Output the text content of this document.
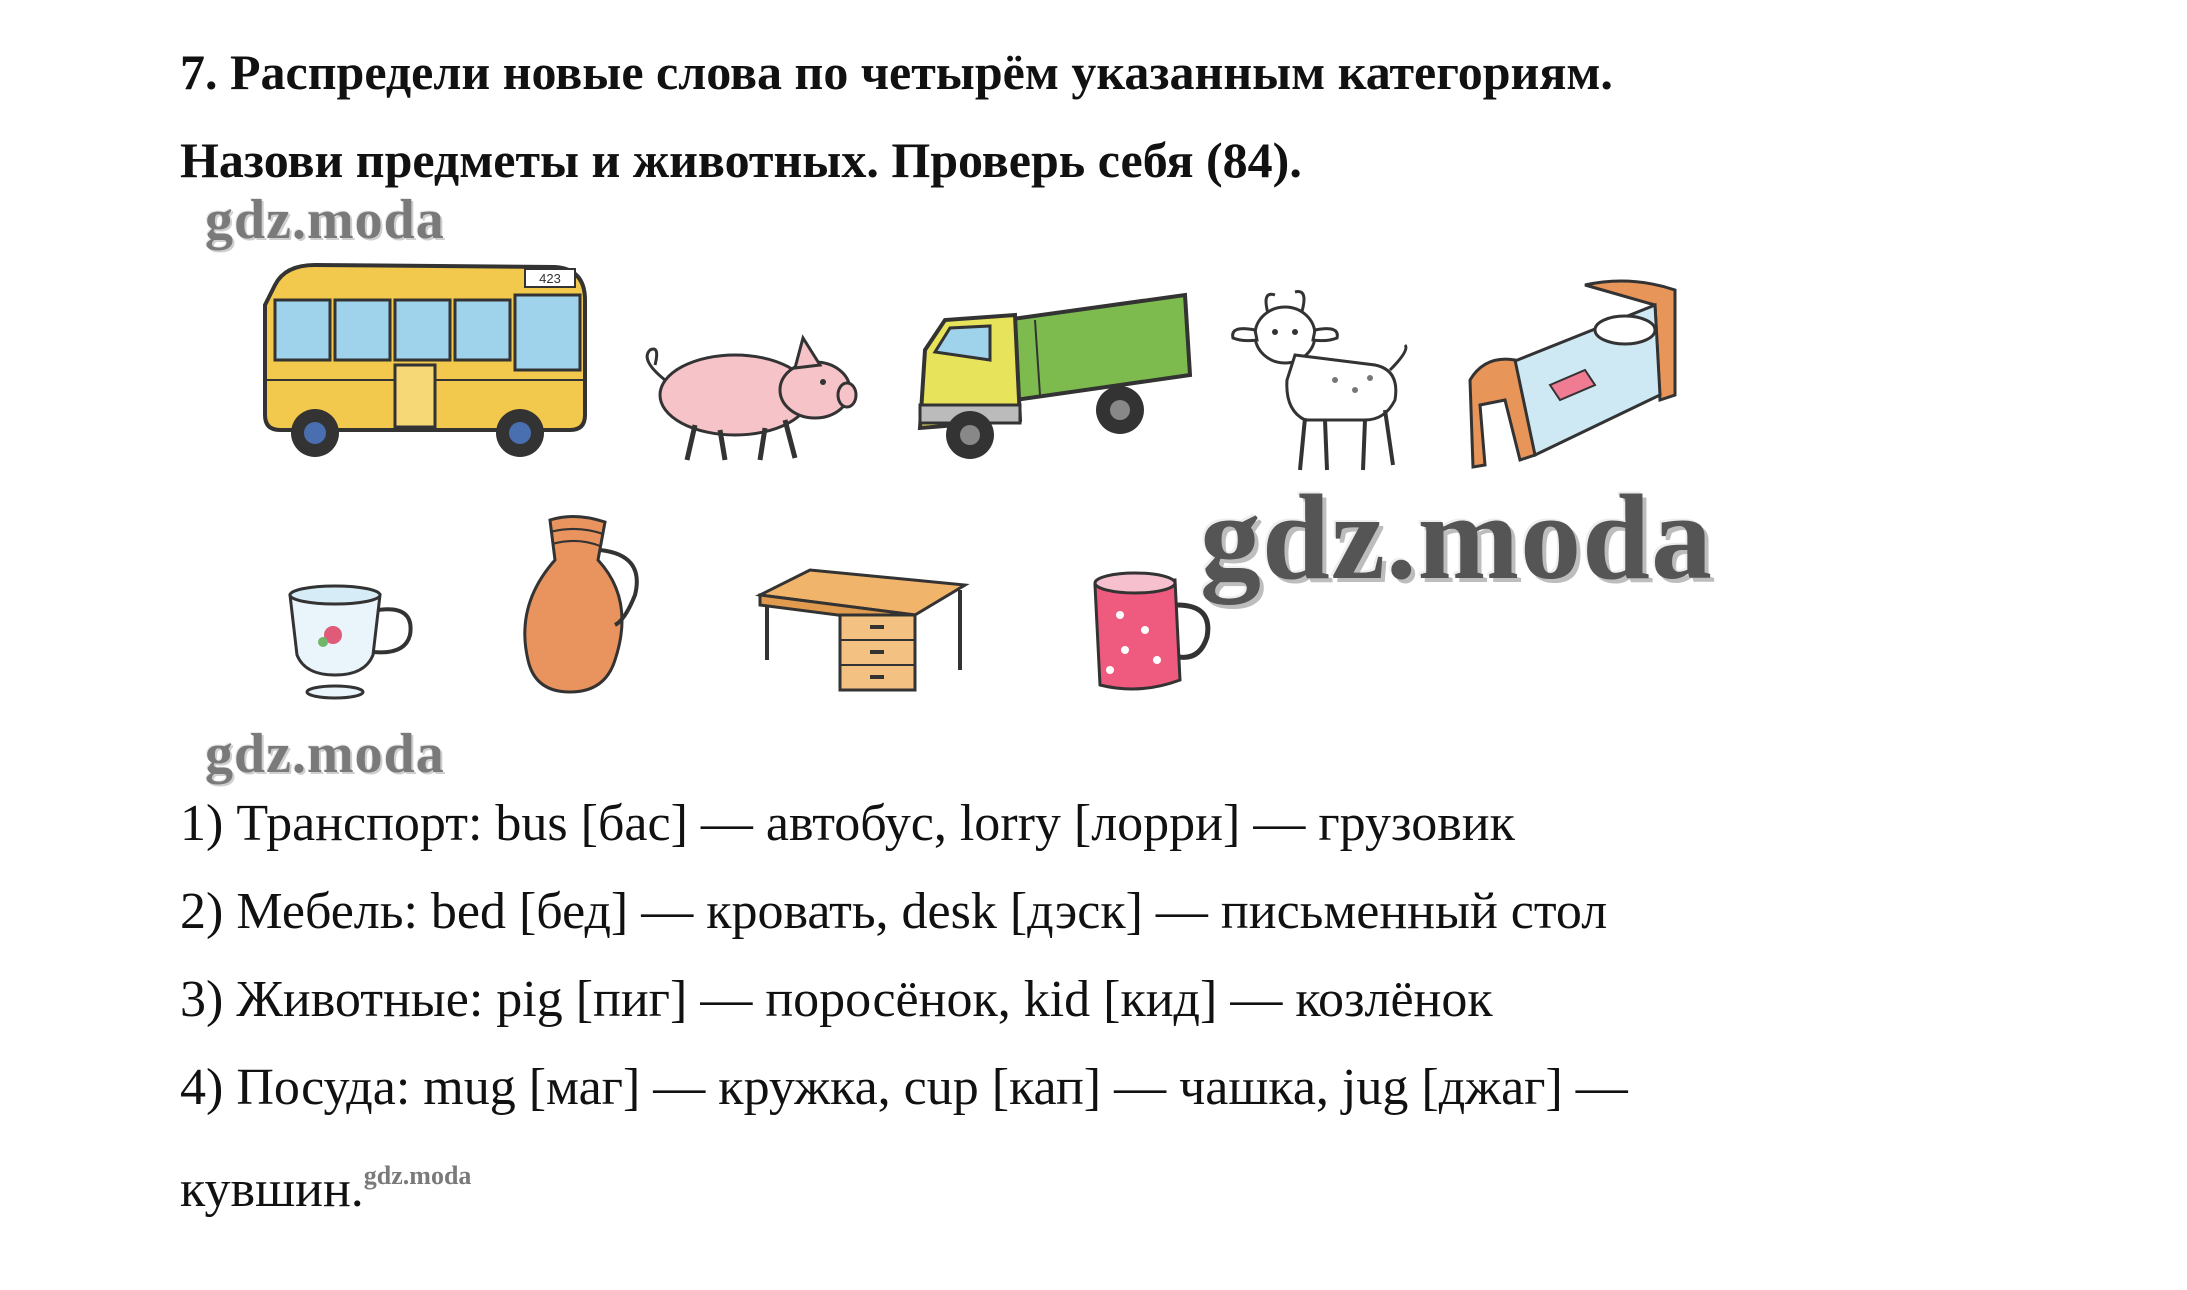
7. Распредели новые слова по четырём указанным категориям.
Назови предметы и животных. Проверь себя (84).
gdz.moda
gdz.moda
gdz.moda
423
1) Транспорт: bus [бас] — автобус, lorry [лорри] — грузовик
2) Мебель: bed [бед] — кровать, desk [дэск] — письменный стол
3) Животные: pig [пиг] — поросёнок, kid [кид] — козлёнок
4) Посуда: mug [маг] — кружка, cup [кап] — чашка, jug [джаг] —
кувшин.$^{gdz.moda}$
